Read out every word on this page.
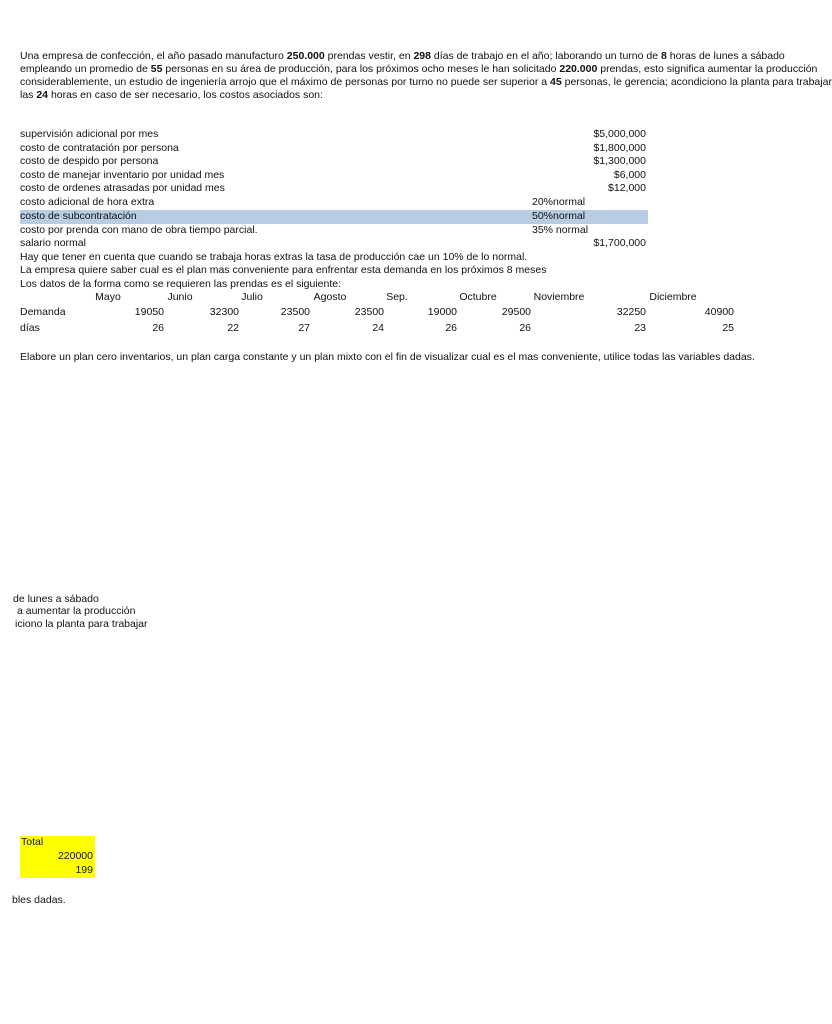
Una empresa de confección, el año pasado manufacturo 250.000 prendas vestir, en 298 días de trabajo en el año; laborando un turno de 8 horas de lunes a sábado
empleando un promedio de 55 personas en su área de producción, para los próximos ocho meses le han solicitado 220.000 prendas, esto significa aumentar la producción
considerablemente, un estudio de ingeniería arrojo que el máximo de personas por turno no puede ser superior a 45 personas, le gerencia; acondiciono la planta para trabajar
las 24 horas en caso de ser necesario, los costos asociados son:
supervisión adicional por mes	$5,000,000
costo de contratación por persona	$1,800,000
costo de despido por persona	$1,300,000
costo de manejar inventario por unidad mes	$6,000
costo de ordenes atrasadas por unidad mes	$12,000
costo adicional de hora extra	20%normal
costo de subcontratación	50%normal
costo por prenda con mano de obra tiempo parcial.	35% normal
salario normal	$1,700,000
Hay que tener en cuenta que cuando se trabaja horas extras la tasa de producción cae un 10% de lo normal.
La empresa quiere saber cual es el plan mas conveniente para enfrentar esta demanda en los próximos 8 meses
Los datos de la forma como se requieren las prendas es el siguiente:
Mayo	Junio	Julio	Agosto	Sep.	Octubre	Noviembre	Diciembre
Demanda	19050	32300	23500	23500	19000	29500	32250	40900
días	26	22	27	24	26	26	23	25
Elabore un plan cero inventarios, un plan carga constante y un plan mixto con el fin de visualizar cual es el mas conveniente, utilice todas las variables dadas.
de lunes a sábado
a aumentar la producción
iciono la planta para trabajar
Total
220000
199
bles dadas.
